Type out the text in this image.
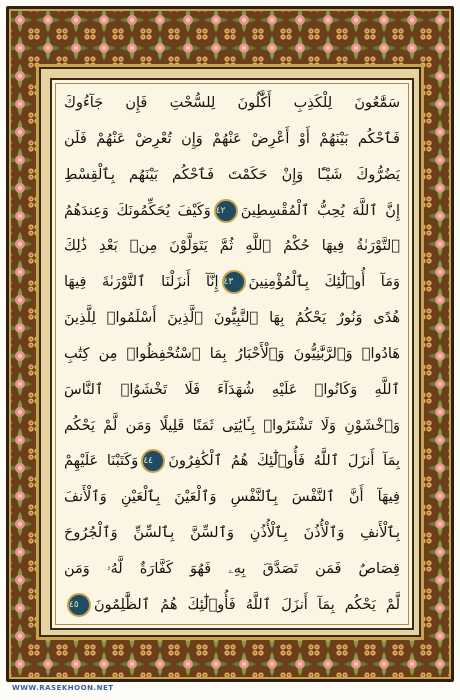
سَمَّٰعُونَ لِلْكَذِبِ أَكَّٰلُونَ لِلسُّحْتِ فَإِن جَآءُوكَ
فَٱحْكُم بَيْنَهُمْ أَوْ أَعْرِضْ عَنْهُمْ وَإِن تُعْرِضْ عَنْهُمْ فَلَن
يَضُرُّوكَ شَيْـًٔا وَإِنْ حَكَمْتَ فَٱحْكُم بَيْنَهُم بِٱلْقِسْطِ
إِنَّ ٱللَّهَ يُحِبُّ ٱلْمُقْسِطِينَ٤٢وَكَيْفَ يُحَكِّمُونَكَ وَعِندَهُمُ
ٱلتَّوْرَىٰةُ فِيهَا حُكْمُ ٱللَّهِ ثُمَّ يَتَوَلَّوْنَ مِنۢ بَعْدِ ذَٰلِكَ
وَمَآ أُو۟لَٰٓئِكَ بِٱلْمُؤْمِنِينَ٤٣إِنَّآ أَنزَلْنَا ٱلتَّوْرَىٰةَ فِيهَا
هُدًى وَنُورٌ يَحْكُمُ بِهَا ٱلنَّبِيُّونَ ٱلَّذِينَ أَسْلَمُوا۟ لِلَّذِينَ
هَادُوا۟ وَٱلرَّبَّٰنِيُّونَ وَٱلْأَحْبَارُ بِمَا ٱسْتُحْفِظُوا۟ مِن كِتَٰبِ
ٱللَّهِ وَكَانُوا۟ عَلَيْهِ شُهَدَآءَ فَلَا تَخْشَوُا۟ ٱلنَّاسَ
وَٱخْشَوْنِ وَلَا تَشْتَرُوا۟ بِـَٔايَٰتِى ثَمَنًا قَلِيلًا وَمَن لَّمْ يَحْكُم
بِمَآ أَنزَلَ ٱللَّهُ فَأُو۟لَٰٓئِكَ هُمُ ٱلْكَٰفِرُونَ٤٤وَكَتَبْنَا عَلَيْهِمْ
فِيهَآ أَنَّ ٱلنَّفْسَ بِٱلنَّفْسِ وَٱلْعَيْنَ بِٱلْعَيْنِ وَٱلْأَنفَ
بِٱلْأَنفِ وَٱلْأُذُنَ بِٱلْأُذُنِ وَٱلسِّنَّ بِٱلسِّنِّ وَٱلْجُرُوحَ
قِصَاصٌ فَمَن تَصَدَّقَ بِهِۦ فَهُوَ كَفَّارَةٌ لَّهُۥ وَمَن
لَّمْ يَحْكُم بِمَآ أَنزَلَ ٱللَّهُ فَأُو۟لَٰٓئِكَ هُمُ ٱلظَّٰلِمُونَ٤٥
WWW.RASEKHOON.NET
